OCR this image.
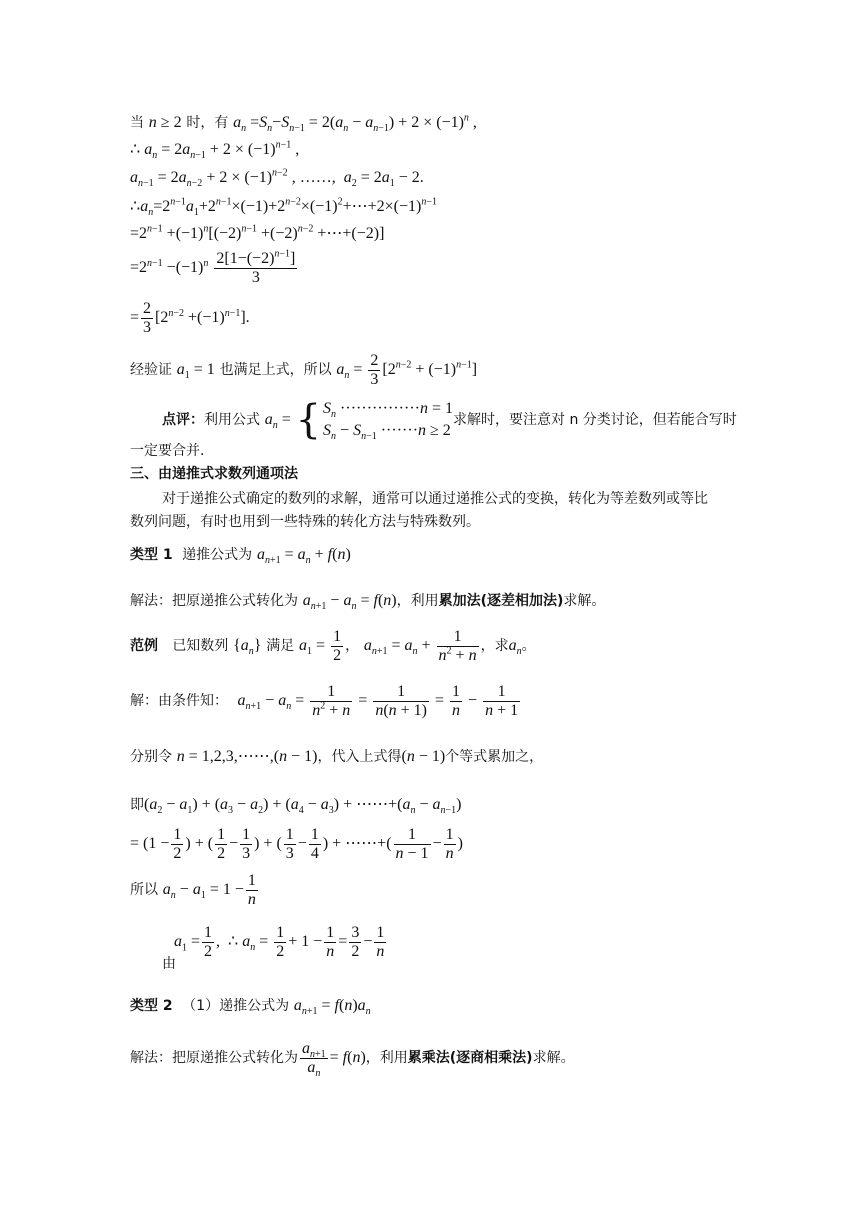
当 n ≥ 2 时，有 $a_n =S_n-S_{n-1} = 2(a_n - a_{n-1}) + 2 \times (-1)^n$ ,
∴ $a_n = 2a_{n-1} + 2 \times (-1)^{n-1}$ ,
$a_{n-1} = 2a_{n-2} + 2 \times (-1)^{n-2}$ , ……, $a_2 = 2a_1 - 2$.
$\therefore a_n=2^{n-1}a_1+2^{n-1}\times(-1)+2^{n-2}\times(-1)^2+\cdots+2\times(-1)^{n-1}$
$=2^{n-1} +(-1)^n[(-2)^{n-1} +(-2)^{n-2}$ +⋯+(−2)]
$=2^{n-1} -(-1)^n \frac{2[1-(-2)^{n-1}]}{3}$
= $\frac{2}{3} [2^{n-2} +(-1)^{n-1}]$.
经验证 $a_1 = 1$ 也满足上式，所以 $a_n = \frac{2}{3} [2^{n-2} + (-1)^{n-1}]$
点评：利用公式 $a_n$ = { $S_n \cdot\cdot\cdot\cdot\cdot\cdot\cdot\cdot\cdot\cdot\cdot\cdot\cdot\cdot\cdot n = 1$
$S_n - S_{n-1} \cdot\cdot\cdot\cdot\cdot\cdot\cdot n \ge 2$
求解时，要注意对 n 分类讨论，但若能合写时
一定要合并.
三、由递推式求数列通项法
对于递推公式确定的数列的求解，通常可以通过递推公式的变换，转化为等差数列或等比
数列问题，有时也用到一些特殊的转化方法与特殊数列。
类型 1 递推公式为 $a_{n+1} = a_n + f(n)$
解法：把原递推公式转化为 $a_{n+1} - a_n = f(n)$，利用累加法(逐差相加法)求解。
范例 已知数列 $\{a_n\}$ 满足 $a_1 = \frac{1}{2}$ ， $a_{n+1} = a_n + \frac{1}{n^2 + n}$ ，求$a_n$。
解：由条件知： $a_{n+1} - a_n = \frac{1}{n^2 + n} = \frac{1}{n(n + 1)} = \frac{1}{n} - \frac{1}{n + 1}$
分别令 n = 1,2,3,⋯⋯,(n − 1)，代入上式得(n − 1)个等式累加之，
即$(a_2 - a_1) + (a_3 - a_2) + (a_4 - a_3)$ + $\cdots\cdots+(a_n - a_{n-1})$
= ($1 - \frac{1}{2}$ ) + ( $\frac{1}{2} - \frac{1}{3}$ ) + ( $\frac{1}{3} - \frac{1}{4}$ ) + ⋯⋯+( $\frac{1}{n - 1} - \frac{1}{n}$ )
所以 $a_n - a_1 = 1 - \frac{1}{n}$
$a_1 = \frac{1}{2}$ ,  ∴ $a_n = \frac{1}{2} + 1 - \frac{1}{n} = \frac{3}{2} - \frac{1}{n}$
由
类型 2 （1）递推公式为 $a_{n+1} = f(n)a_n$
解法：把原递推公式转化为 $\frac{a_{n+1}}{a_n} = f(n)$，利用累乘法(逐商相乘法)求解。
